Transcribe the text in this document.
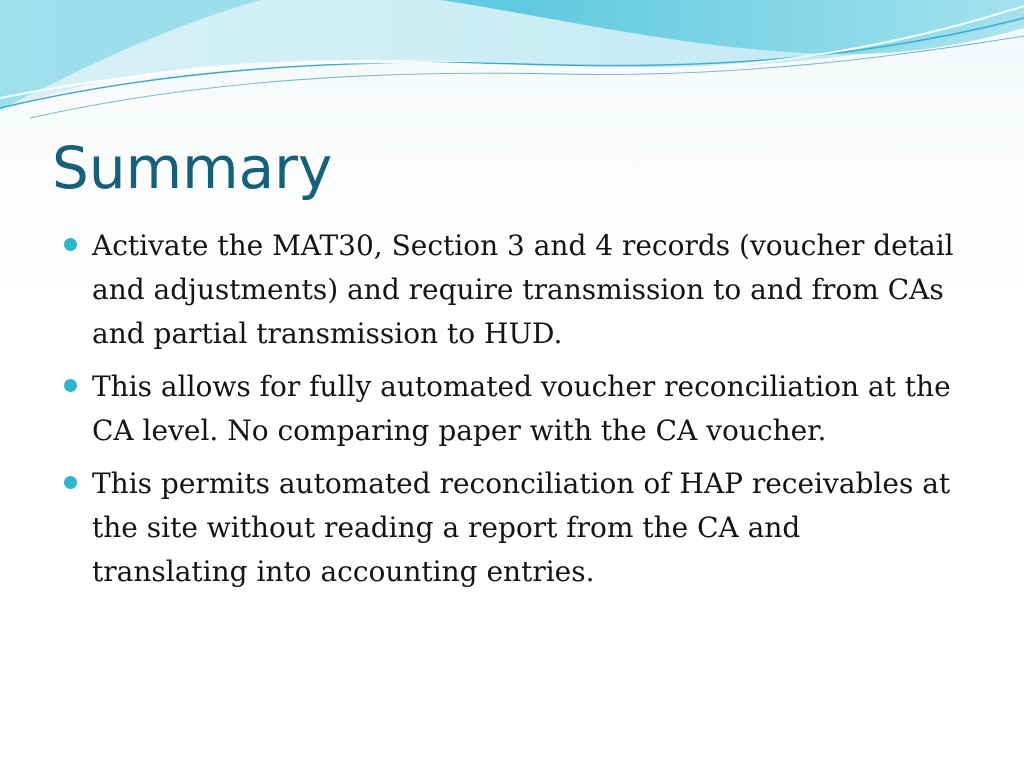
Summary
Activate the MAT30, Section 3 and 4 records (voucher detail and adjustments) and require transmission to and from CAs and partial transmission to HUD.
This allows for fully automated voucher reconciliation at the CA level. No comparing paper with the CA voucher.
This permits automated reconciliation of HAP receivables at the site without reading a report from the CA and translating into accounting entries.
